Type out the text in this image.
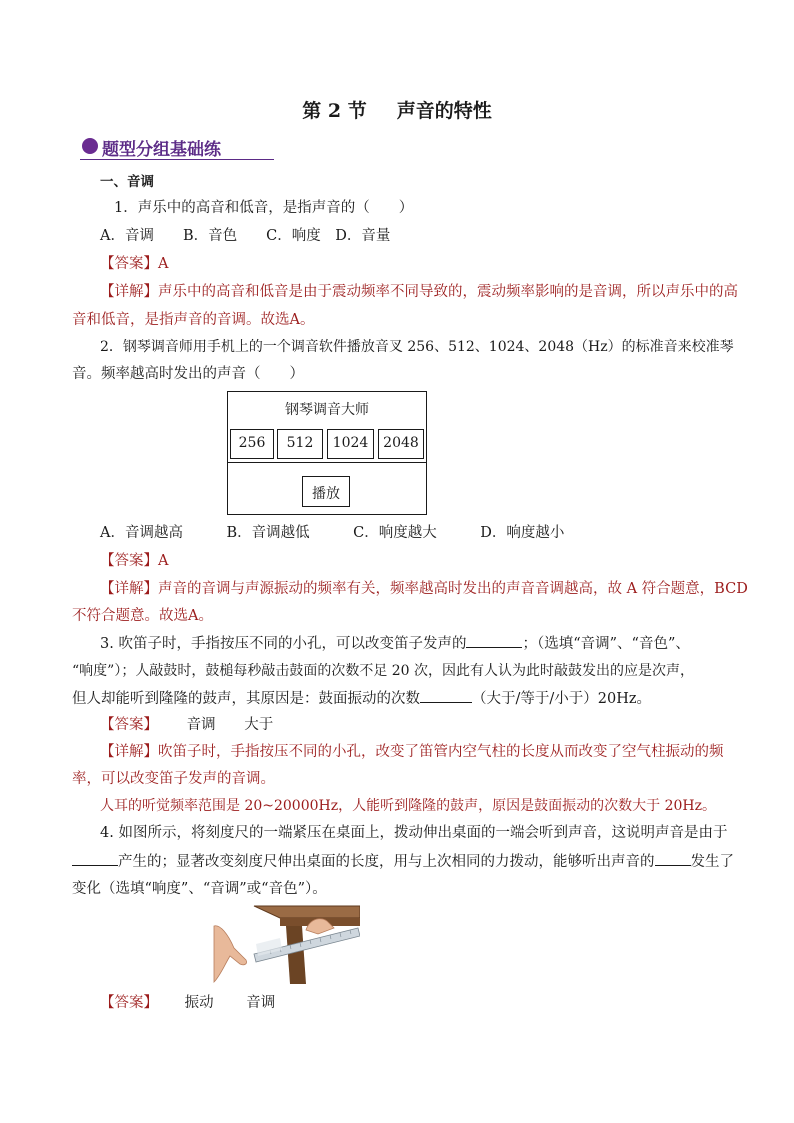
第 2 节 声音的特性
题型分组基础练
一、音调
1．声乐中的高音和低音，是指声音的（　　）
A．音调　　B．音色　　C．响度　D．音量
【答案】A
【详解】声乐中的高音和低音是由于震动频率不同导致的，震动频率影响的是音调，所以声乐中的高
音和低音，是指声音的音调。故选A。
2．钢琴调音师用手机上的一个调音软件播放音叉 256、512、1024、2048（Hz）的标准音来校准琴
音。频率越高时发出的声音（　　）
钢琴调音大师
256	512	1024	2048
播放
A．音调越高　　　B．音调越低　　　C．响度越大　　　D．响度越小
【答案】A
【详解】声音的音调与声源振动的频率有关，频率越高时发出的声音音调越高，故 A 符合题意，BCD
不符合题意。故选A。
3. 吹笛子时，手指按压不同的小孔，可以改变笛子发声的	；（选填“音调”、“音色”、
“响度”）；人敲鼓时，鼓槌每秒敲击鼓面的次数不足 20 次，因此有人认为此时敲鼓发出的应是次声，
但人却能听到隆隆的鼓声，其原因是：鼓面振动的次数	（大于/等于/小于）20Hz。
【答案】 音调 大于
【详解】吹笛子时，手指按压不同的小孔，改变了笛管内空气柱的长度从而改变了空气柱振动的频
率，可以改变笛子发声的音调。
人耳的听觉频率范围是 20~20000Hz，人能听到隆隆的鼓声，原因是鼓面振动的次数大于 20Hz。
4. 如图所示，将刻度尺的一端紧压在桌面上，拨动伸出桌面的一端会听到声音，这说明声音是由于
产生的；显著改变刻度尺伸出桌面的长度，用与上次相同的力拨动，能够听出声音的 发生了
变化（选填“响度”、“音调”或“音色”）。
【答案】 振动 音调
